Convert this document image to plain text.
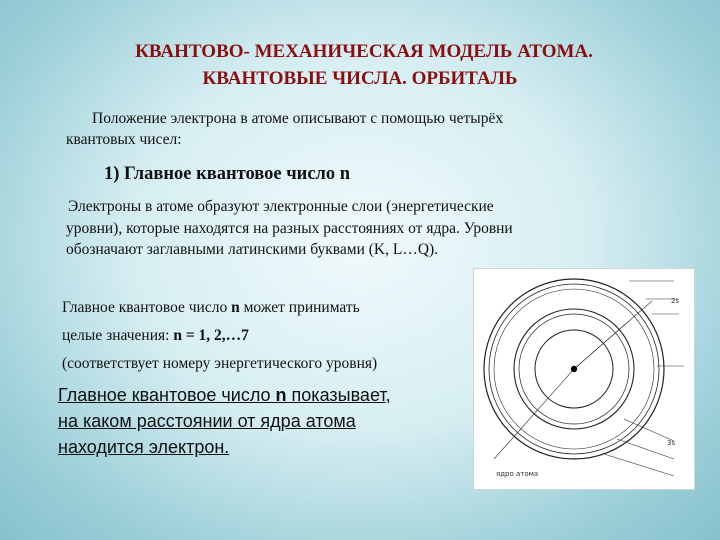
КВАНТОВО- МЕХАНИЧЕСКАЯ МОДЕЛЬ АТОМА.
КВАНТОВЫЕ ЧИСЛА. ОРБИТАЛЬ
Положение электрона в атоме описывают с помощью четырёх
квантовых чисел:
1) Главное квантовое число n
Электроны в атоме образуют электронные слои (энергетические
уровни), которые находятся на разных расстояниях от ядра. Уровни
обозначают заглавными латинскими буквами (K, L…Q).
Главное квантовое число n может принимать
целые значения: n = 1, 2,…7
(соответствует номеру энергетического уровня)
Главное квантовое число n показывает,
на каком расстоянии от ядра атома
находится электрон.
2s
3s
ядро атома
